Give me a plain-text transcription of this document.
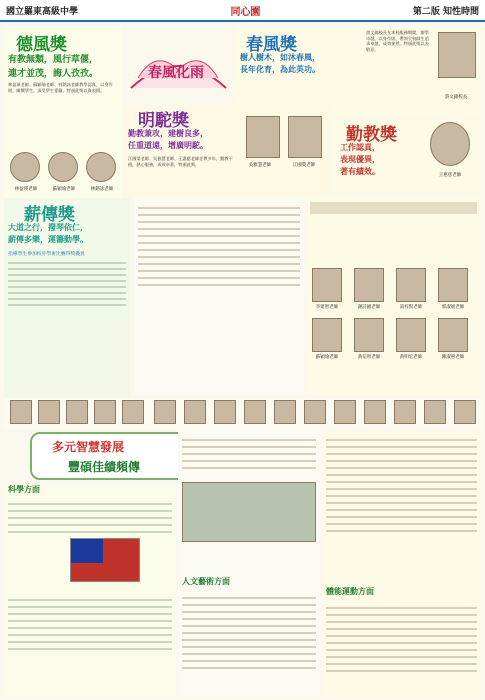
國立羅東高級中學	同心園	第二版 知性時間
德風獎
有教無類，風行草偃，
連才並茂，誨人孜孜。
林盈瑛老師、蘇穎瑜老師、林銘詠老師教學認真，以身作則，關懷學生，深受學生愛戴，特頒此獎以資表揚。
林盈瑛老師	蘇穎瑜老師	林銘詠老師
春風化雨
春風獎
樹人樹木，如沐春風，
長年化育，為此英功。
游文錦校長在本校服務期間，辦學卓越，以身作則，帶領全校師生追求卓越，成效斐然，特頒此獎以表敬意。
游文錦校長
明駝獎
勤教兼攻，建樹良多，
任重道遠，增廣明駝。
江國榮老師、吳雅慧老師、王惠慈老師任教多年，勤教不倦，熱心服務，成效卓著，特頒此獎。	吳雅慧老師	江國榮老師
勤教獎
工作認真，
表現優異，
著有績效。	王惠慈老師
薪傳獎
大道之行，撥琴依仁，
薪傳多樂，運籌動學。
指導學生參加校外學術比賽得獎優異
李建智老師	謝詩穎老師	湯梓賢老師	郭淑媛老師
蘇穎瑜老師	黃信智老師	黃明宏老師	陳淑惠老師
多元智慧發展
豐碩佳績頻傳
科學方面
人文藝術方面
體能運動方面
